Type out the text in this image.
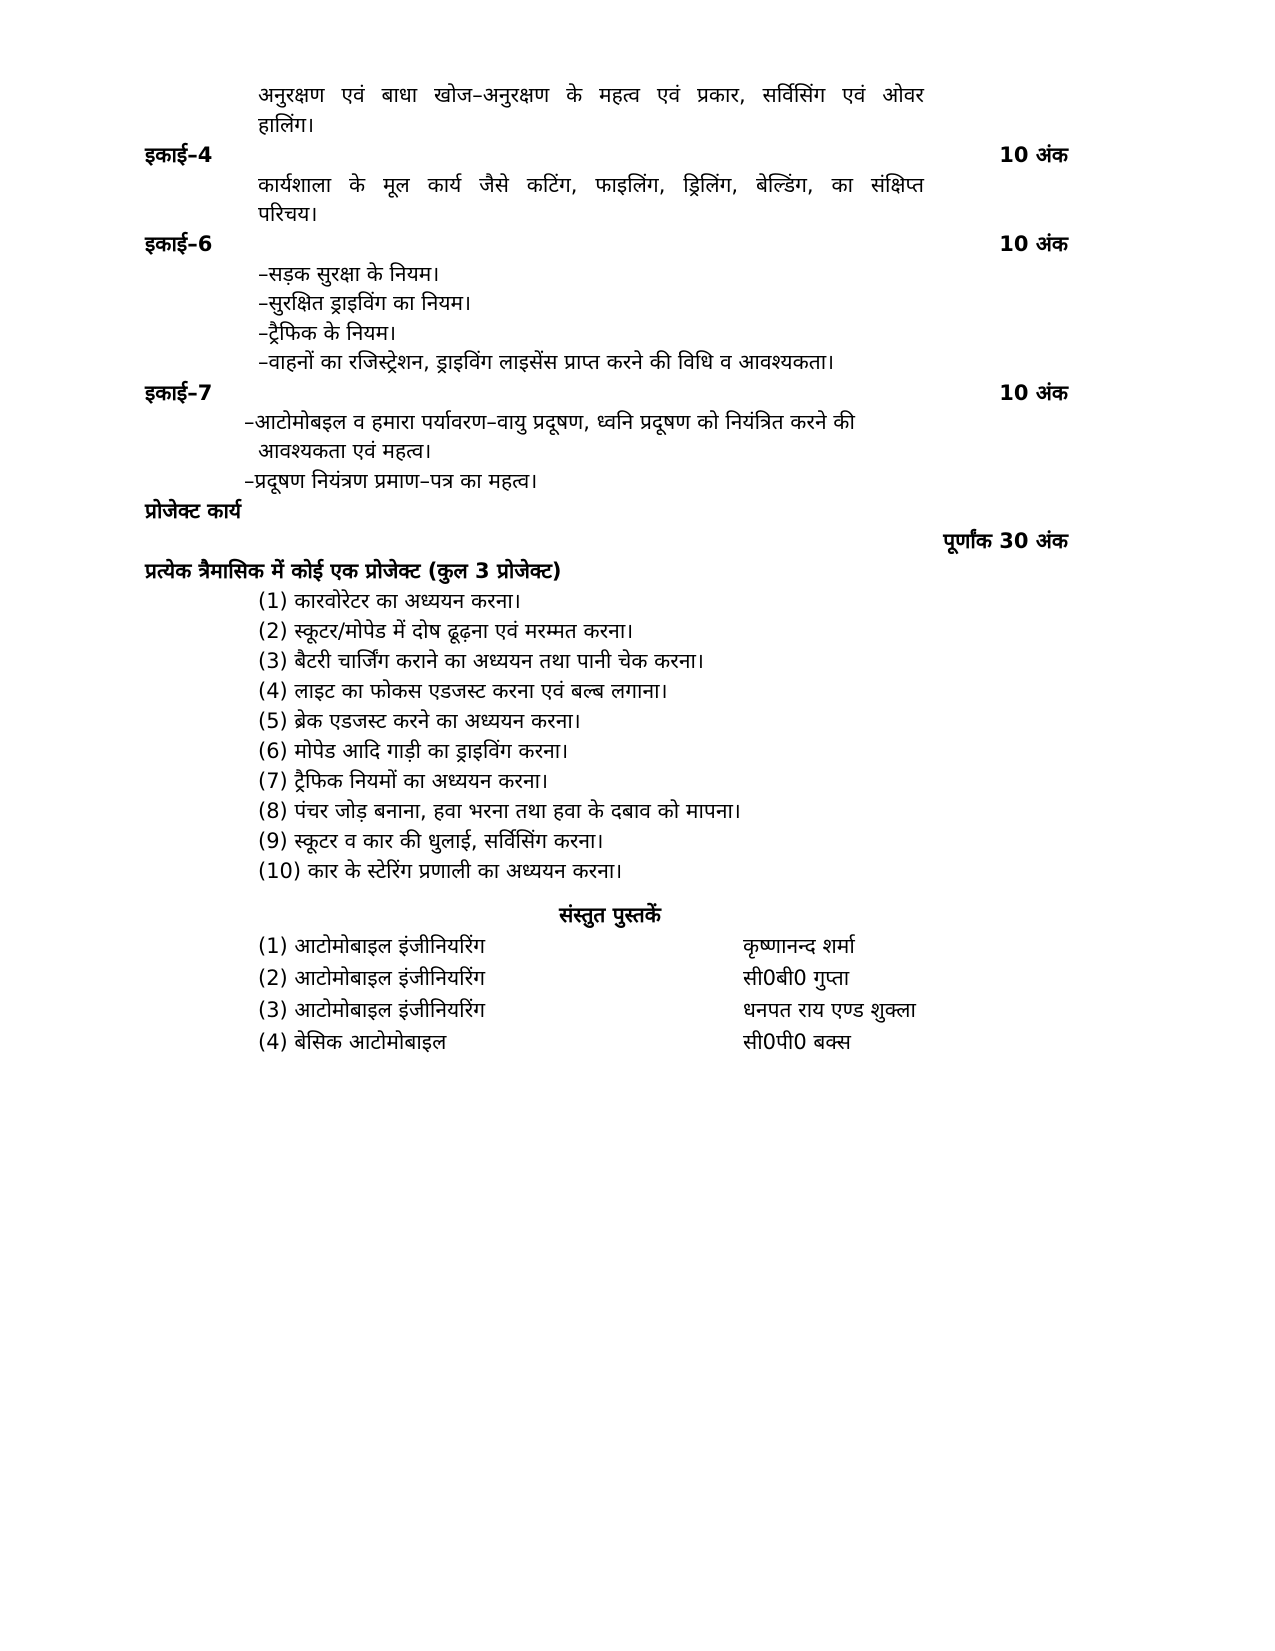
अनुरक्षण एवं बाधा खोज–अनुरक्षण के महत्व एवं प्रकार, सर्विसिंग एवं ओवर
हालिंग।
इकाई–4	10 अंक
कार्यशाला के मूल कार्य जैसे कटिंग, फाइलिंग, ड्रिलिंग, बेल्डिंग, का संक्षिप्त
परिचय।
इकाई–6	10 अंक
–सड़क सुरक्षा के नियम।
–सुरक्षित ड्राइविंग का नियम।
–ट्रैफिक के नियम।
–वाहनों का रजिस्ट्रेशन, ड्राइविंग लाइसेंस प्राप्त करने की विधि व आवश्यकता।
इकाई–7	10 अंक
–आटोमोबइल व हमारा पर्यावरण–वायु प्रदूषण, ध्वनि प्रदूषण को नियंत्रित करने की
आवश्यकता एवं महत्व।
–प्रदूषण नियंत्रण प्रमाण–पत्र का महत्व।
प्रोजेक्ट कार्य
पूर्णांक 30 अंक
प्रत्येक त्रैमासिक में कोई एक प्रोजेक्ट (कुल 3 प्रोजेक्ट)
(1) कारवोरेटर का अध्ययन करना।
(2) स्कूटर/मोपेड में दोष ढूढ़ना एवं मरम्मत करना।
(3) बैटरी चार्जिंग कराने का अध्ययन तथा पानी चेक करना।
(4) लाइट का फोकस एडजस्ट करना एवं बल्ब लगाना।
(5) ब्रेक एडजस्ट करने का अध्ययन करना।
(6) मोपेड आदि गाड़ी का ड्राइविंग करना।
(7) ट्रैफिक नियमों का अध्ययन करना।
(8) पंचर जोड़ बनाना, हवा भरना तथा हवा के दबाव को मापना।
(9) स्कूटर व कार की धुलाई, सर्विसिंग करना।
(10) कार के स्टेरिंग प्रणाली का अध्ययन करना।
संस्तुत पुस्तकें
(1) आटोमोबाइल इंजीनियरिंग	कृष्णानन्द शर्मा
(2) आटोमोबाइल इंजीनियरिंग	सी0बी0 गुप्ता
(3) आटोमोबाइल इंजीनियरिंग	धनपत राय एण्ड शुक्ला
(4) बेसिक आटोमोबाइल	सी0पी0 बक्स
